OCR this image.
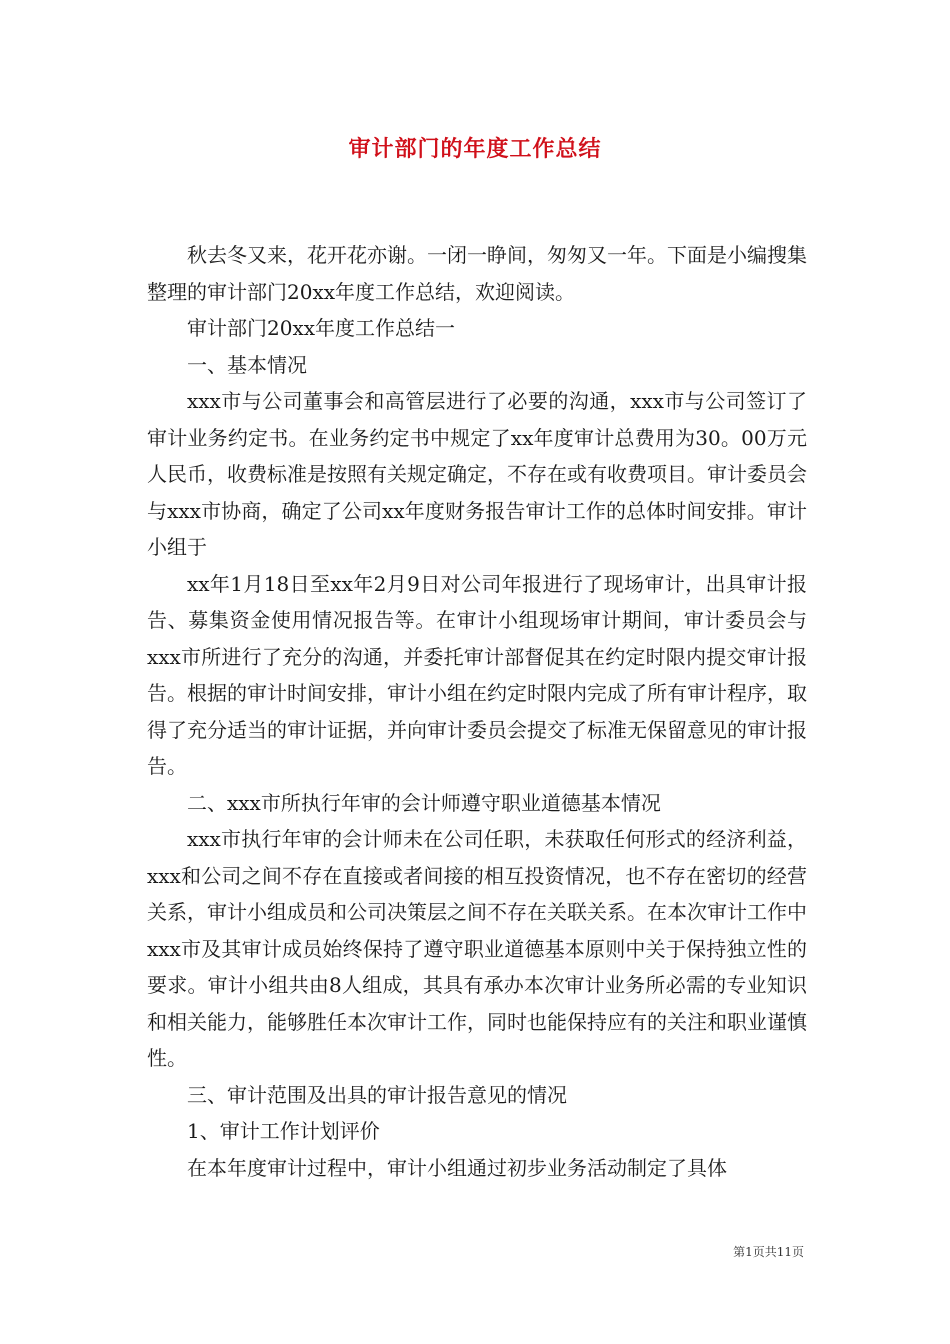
审计部门的年度工作总结

秋去冬又来，花开花亦谢。一闭一睁间，匆匆又一年。下面是小编搜集整理的审计部门20xx年度工作总结，欢迎阅读。

审计部门20xx年度工作总结一

一、基本情况

xxx市与公司董事会和高管层进行了必要的沟通，xxx市与公司签订了审计业务约定书。在业务约定书中规定了xx年度审计总费用为30。00万元人民币，收费标准是按照有关规定确定，不存在或有收费项目。审计委员会与xxx市协商，确定了公司xx年度财务报告审计工作的总体时间安排。审计小组于

xx年1月18日至xx年2月9日对公司年报进行了现场审计，出具审计报告、募集资金使用情况报告等。在审计小组现场审计期间，审计委员会与xxx市所进行了充分的沟通，并委托审计部督促其在约定时限内提交审计报告。根据的审计时间安排，审计小组在约定时限内完成了所有审计程序，取得了充分适当的审计证据，并向审计委员会提交了标准无保留意见的审计报告。

二、xxx市所执行年审的会计师遵守职业道德基本情况

xxx市执行年审的会计师未在公司任职，未获取任何形式的经济利益，xxx和公司之间不存在直接或者间接的相互投资情况，也不存在密切的经营关系，审计小组成员和公司决策层之间不存在关联关系。在本次审计工作中xxx市及其审计成员始终保持了遵守职业道德基本原则中关于保持独立性的要求。审计小组共由8人组成，其具有承办本次审计业务所必需的专业知识和相关能力，能够胜任本次审计工作，同时也能保持应有的关注和职业谨慎性。

三、审计范围及出具的审计报告意见的情况

1、审计工作计划评价

在本年度审计过程中，审计小组通过初步业务活动制定了具体

第1页共11页
